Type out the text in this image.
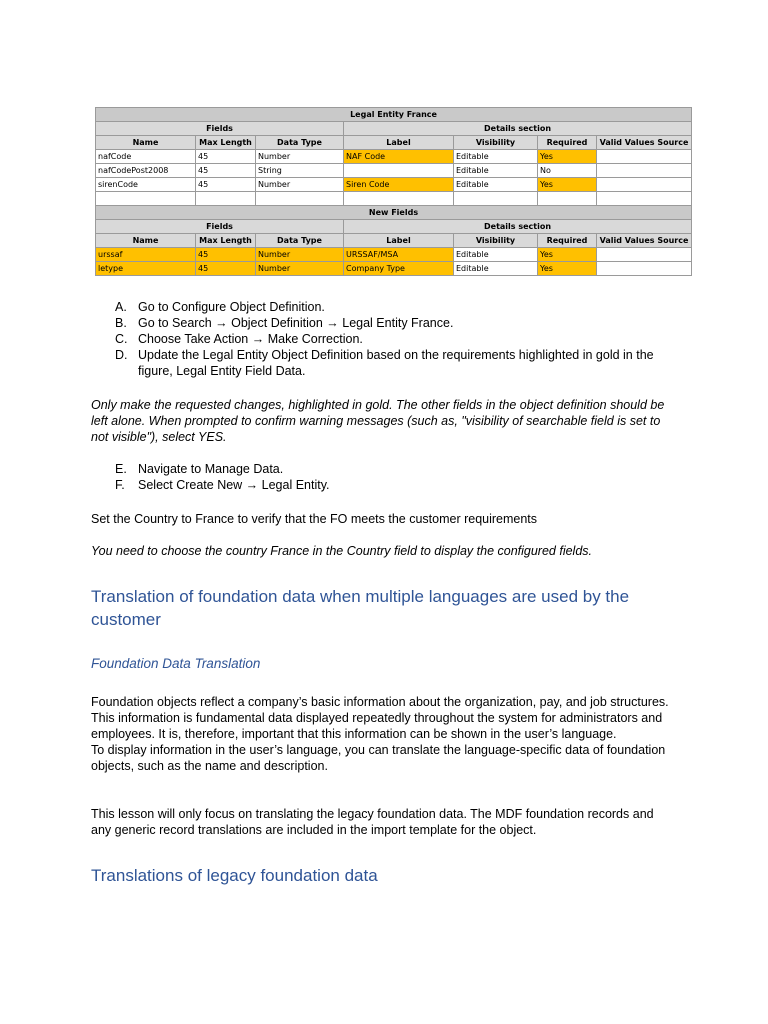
Legal Entity France						
Fields			Details section			
Name	Max Length	Data Type	Label	Visibility	Required	Valid Values Source
nafCode	45	Number	NAF Code	Editable	Yes	
nafCodePost2008	45	String		Editable	No	
sirenCode	45	Number	Siren Code	Editable	Yes	

New Fields						
Fields			Details section			
Name	Max Length	Data Type	Label	Visibility	Required	Valid Values Source
urssaf	45	Number	URSSAF/MSA	Editable	Yes	
letype	45	Number	Company Type	Editable	Yes	
A. Go to Configure Object Definition.
B. Go to Search → Object Definition → Legal Entity France.
C. Choose Take Action → Make Correction.
D. Update the Legal Entity Object Definition based on the requirements highlighted in gold in the figure, Legal Entity Field Data.
Only make the requested changes, highlighted in gold. The other fields in the object definition should be left alone. When prompted to confirm warning messages (such as, "visibility of searchable field is set to not visible"), select YES.
E. Navigate to Manage Data.
F. Select Create New → Legal Entity.
Set the Country to France to verify that the FO meets the customer requirements
You need to choose the country France in the Country field to display the configured fields.
Translation of foundation data when multiple languages are used by the customer
Foundation Data Translation
Foundation objects reflect a company’s basic information about the organization, pay, and job structures. This information is fundamental data displayed repeatedly throughout the system for administrators and employees. It is, therefore, important that this information can be shown in the user’s language.
To display information in the user’s language, you can translate the language-specific data of foundation objects, such as the name and description.
This lesson will only focus on translating the legacy foundation data. The MDF foundation records and any generic record translations are included in the import template for the object.
Translations of legacy foundation data
